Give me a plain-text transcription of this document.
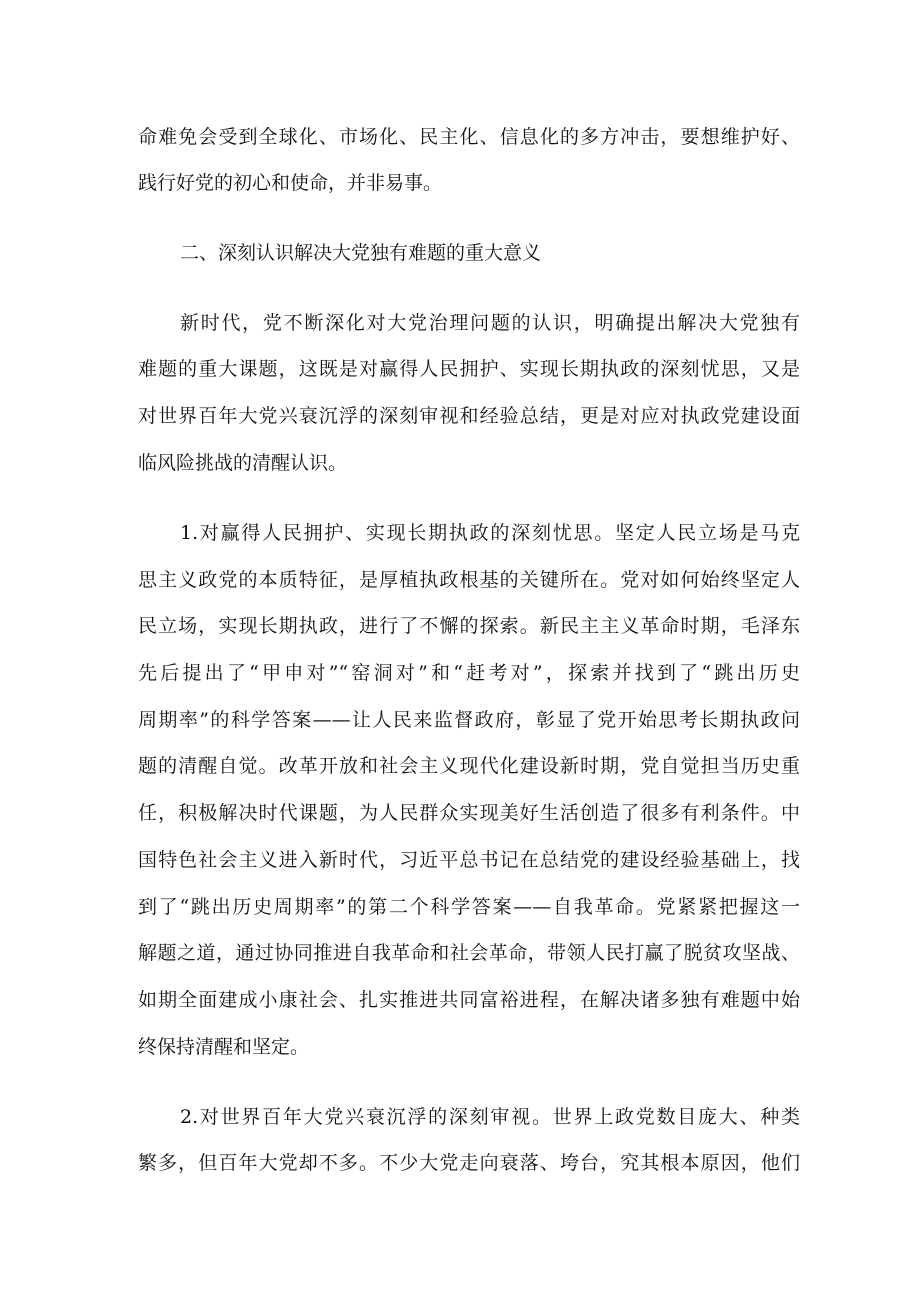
命难免会受到全球化、市场化、民主化、信息化的多方冲击，要想维护好、
践行好党的初心和使命，并非易事。
二、深刻认识解决大党独有难题的重大意义
新时代，党不断深化对大党治理问题的认识，明确提出解决大党独有
难题的重大课题，这既是对赢得人民拥护、实现长期执政的深刻忧思，又是
对世界百年大党兴衰沉浮的深刻审视和经验总结，更是对应对执政党建设面
临风险挑战的清醒认识。
1.对赢得人民拥护、实现长期执政的深刻忧思。坚定人民立场是马克
思主义政党的本质特征，是厚植执政根基的关键所在。党对如何始终坚定人
民立场，实现长期执政，进行了不懈的探索。新民主主义革命时期，毛泽东
先后提出了“甲申对”“窑洞对”和“赶考对”，探索并找到了“跳出历史
周期率”的科学答案——让人民来监督政府，彰显了党开始思考长期执政问
题的清醒自觉。改革开放和社会主义现代化建设新时期，党自觉担当历史重
任，积极解决时代课题，为人民群众实现美好生活创造了很多有利条件。中
国特色社会主义进入新时代，习近平总书记在总结党的建设经验基础上，找
到了“跳出历史周期率”的第二个科学答案——自我革命。党紧紧把握这一
解题之道，通过协同推进自我革命和社会革命，带领人民打赢了脱贫攻坚战、
如期全面建成小康社会、扎实推进共同富裕进程，在解决诸多独有难题中始
终保持清醒和坚定。
2.对世界百年大党兴衰沉浮的深刻审视。世界上政党数目庞大、种类
繁多，但百年大党却不多。不少大党走向衰落、垮台，究其根本原因，他们
